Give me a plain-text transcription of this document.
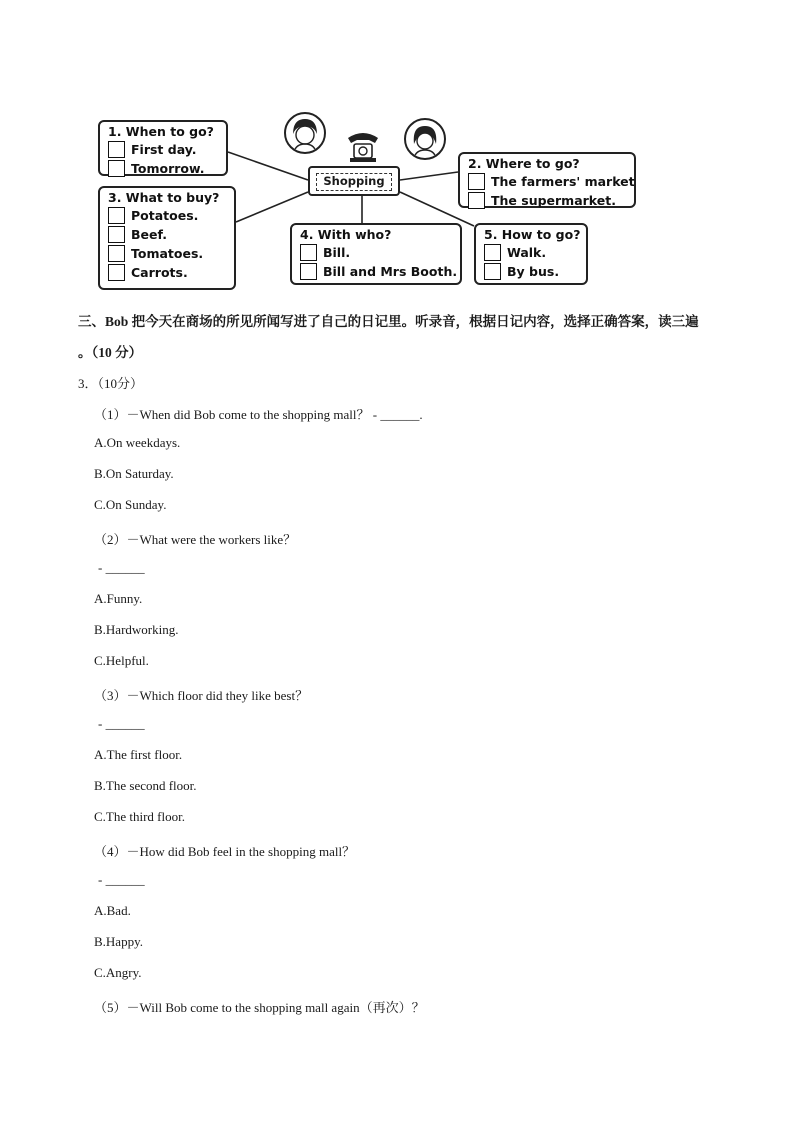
1. When to go?
First day.
Tomorrow.
3. What to buy?
Potatoes.
Beef.
Tomatoes.
Carrots.
Shopping
2. Where to go?
The farmers' market
The supermarket.
4. With who?
Bill.
Bill and Mrs Booth.
5. How to go?
Walk.
By bus.
三、Bob 把今天在商场的所见所闻写进了自己的日记里。听录音，根据日记内容，选择正确答案，读三遍
。（10 分）
3．（10分）
（1）－When did Bob come to the shopping mall？ - ______.
A.On weekdays.
B.On Saturday.
C.On Sunday.
（2）－What were the workers like？
- ______
A.Funny.
B.Hardworking.
C.Helpful.
（3）－Which floor did they like best？
- ______
A.The first floor.
B.The second floor.
C.The third floor.
（4）－How did Bob feel in the shopping mall？
- ______
A.Bad.
B.Happy.
C.Angry.
（5）－Will Bob come to the shopping mall again（再次）？
